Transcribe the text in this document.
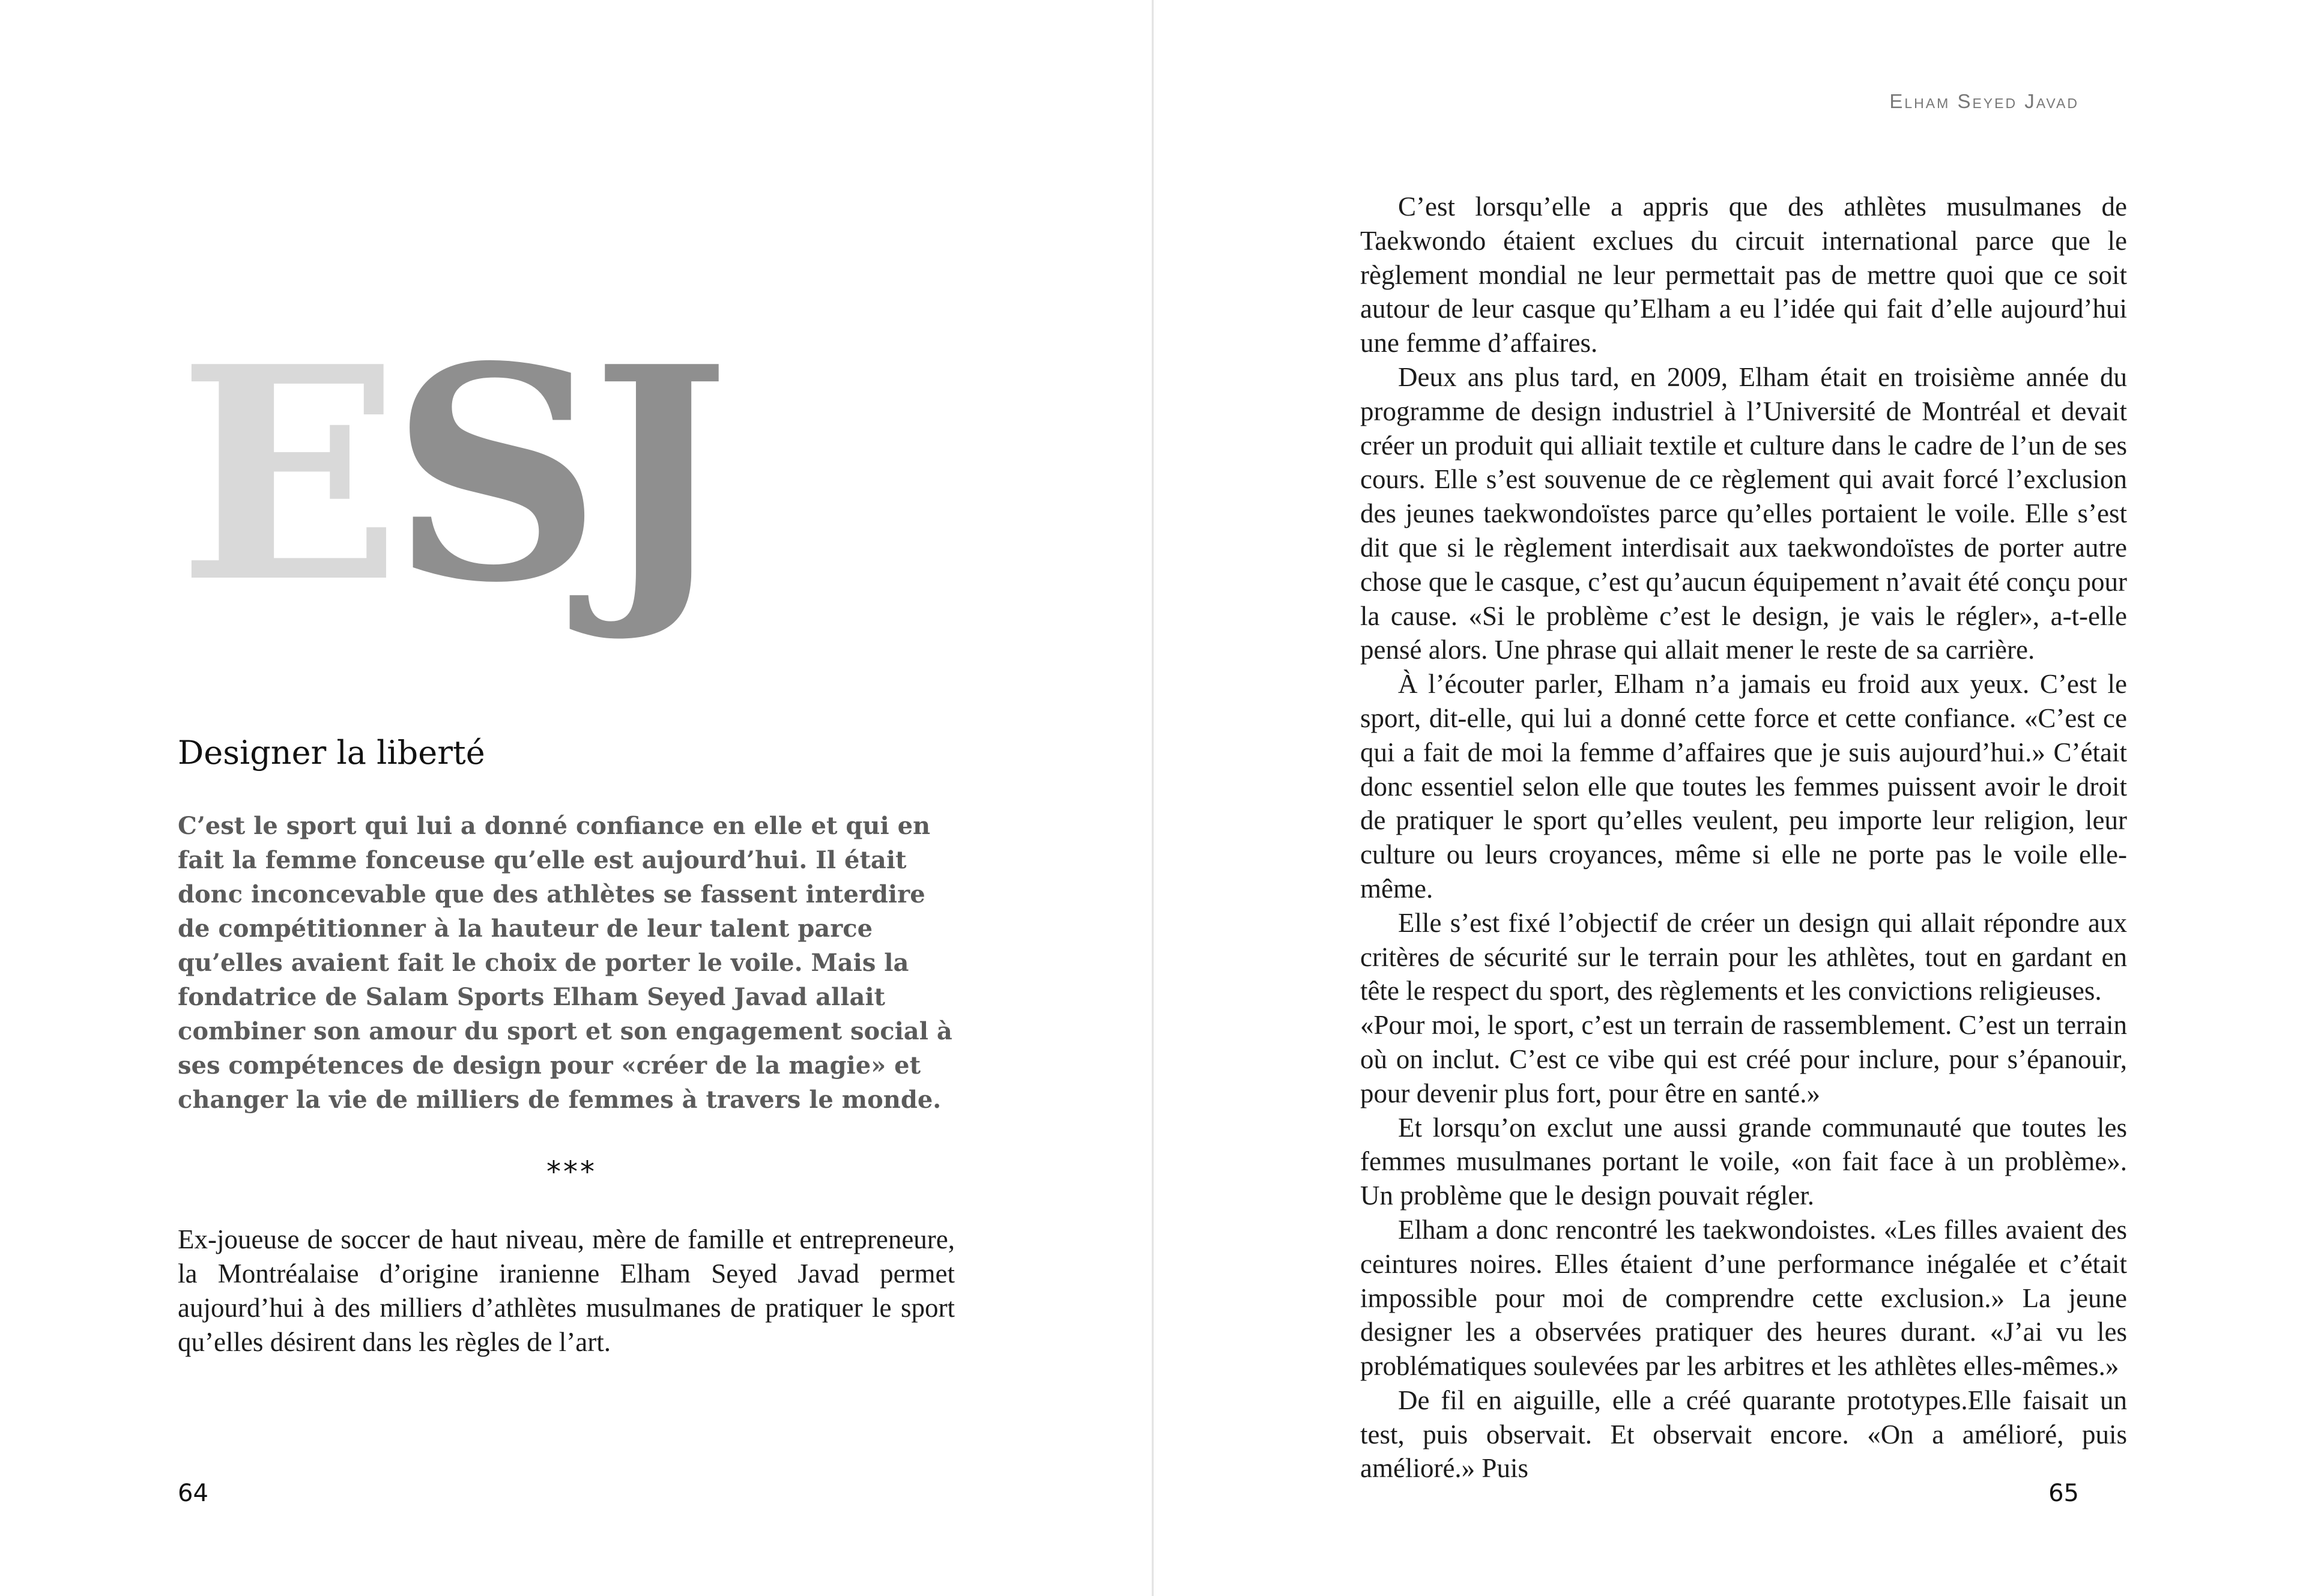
ESJ
Designer la liberté

C’est le sport qui lui a donné confiance en elle et qui en fait la femme fonceuse qu’elle est aujourd’hui. Il était donc inconcevable que des athlètes se fassent interdire de compétitionner à la hauteur de leur talent parce qu’elles avaient fait le choix de porter le voile. Mais la fondatrice de Salam Sports Elham Seyed Javad allait combiner son amour du sport et son engagement social à ses compétences de design pour «créer de la magie» et changer la vie de milliers de femmes à travers le monde.

***

Ex-joueuse de soccer de haut niveau, mère de famille et entrepreneure, la Montréalaise d’origine iranienne Elham Seyed Javad permet aujourd’hui à des milliers d’athlètes musulmanes de pratiquer le sport qu’elles désirent dans les règles de l’art.

64

Elham Seyed Javad

C’est lorsqu’elle a appris que des athlètes musulmanes de Taekwondo étaient exclues du circuit international parce que le règlement mondial ne leur permettait pas de mettre quoi que ce soit autour de leur casque qu’Elham a eu l’idée qui fait d’elle aujourd’hui une femme d’affaires.

Deux ans plus tard, en 2009, Elham était en troisième année du programme de design industriel à l’Université de Montréal et devait créer un produit qui alliait textile et culture dans le cadre de l’un de ses cours. Elle s’est souvenue de ce règlement qui avait forcé l’exclusion des jeunes taekwondoïstes parce qu’elles portaient le voile. Elle s’est dit que si le règlement interdisait aux taekwondoïstes de porter autre chose que le casque, c’est qu’aucun équipement n’avait été conçu pour la cause. «Si le problème c’est le design, je vais le régler», a-t-elle pensé alors. Une phrase qui allait mener le reste de sa carrière.

À l’écouter parler, Elham n’a jamais eu froid aux yeux. C’est le sport, dit-elle, qui lui a donné cette force et cette confiance. «C’est ce qui a fait de moi la femme d’affaires que je suis aujourd’hui.» C’était donc essentiel selon elle que toutes les femmes puissent avoir le droit de pratiquer le sport qu’elles veulent, peu importe leur religion, leur culture ou leurs croyances, même si elle ne porte pas le voile elle-même.

Elle s’est fixé l’objectif de créer un design qui allait répondre aux critères de sécurité sur le terrain pour les athlètes, tout en gardant en tête le respect du sport, des règlements et les convictions religieuses.

«Pour moi, le sport, c’est un terrain de rassemblement. C’est un terrain où on inclut. C’est ce vibe qui est créé pour inclure, pour s’épanouir, pour devenir plus fort, pour être en santé.»

Et lorsqu’on exclut une aussi grande communauté que toutes les femmes musulmanes portant le voile, «on fait face à un problème». Un problème que le design pouvait régler.

Elham a donc rencontré les taekwondoistes. «Les filles avaient des ceintures noires. Elles étaient d’une performance inégalée et c’était impossible pour moi de comprendre cette exclusion.» La jeune designer les a observées pratiquer des heures durant. «J’ai vu les problématiques soulevées par les arbitres et les athlètes elles-mêmes.»

De fil en aiguille, elle a créé quarante prototypes.Elle faisait un test, puis observait. Et observait encore. «On a amélioré, puis amélioré.» Puis

65
